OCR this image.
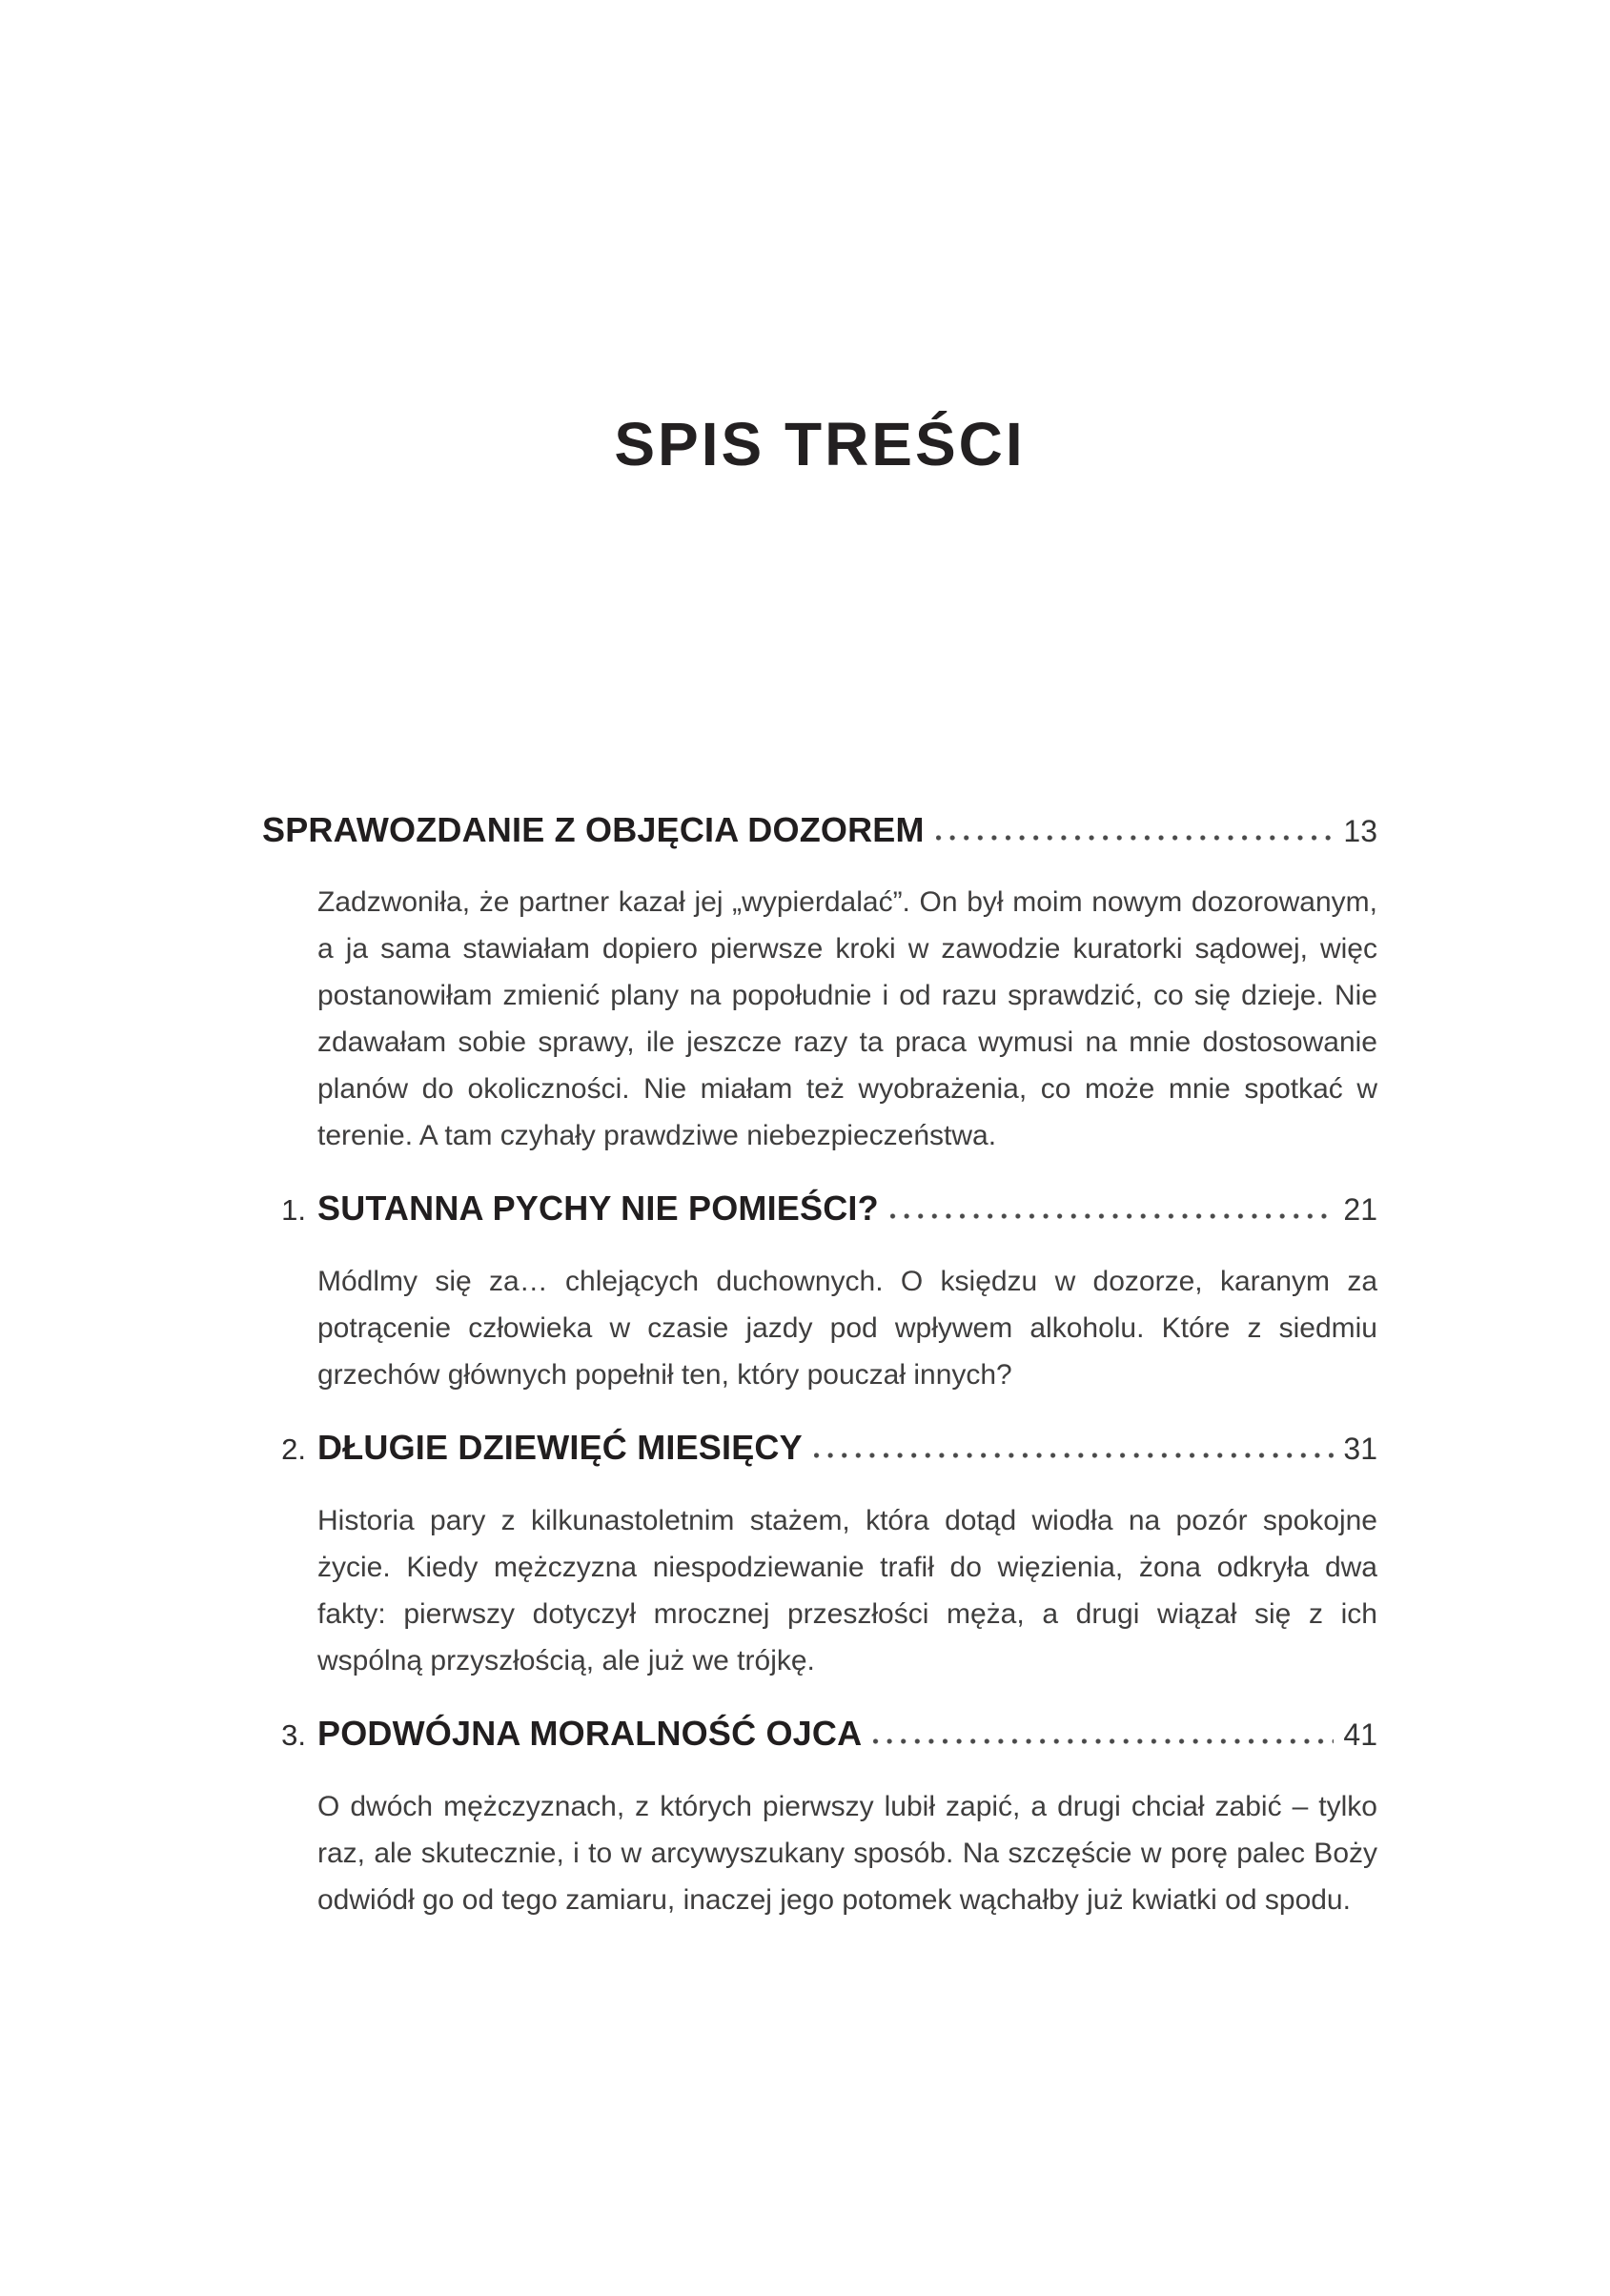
SPIS TREŚCI
SPRAWOZDANIE Z OBJĘCIA DOZOREM	13

Zadzwoniła, że partner kazał jej „wypierdalać”. On był moim nowym dozorowanym, a ja sama stawiałam dopiero pierwsze kroki w zawodzie kuratorki sądowej, więc postanowiłam zmienić plany na popołudnie i od razu sprawdzić, co się dzieje. Nie zdawałam sobie sprawy, ile jeszcze razy ta praca wymusi na mnie dostosowanie planów do okoliczności. Nie miałam też wyobrażenia, co może mnie spotkać w terenie. A tam czyhały prawdziwe niebezpieczeństwa.

1. SUTANNA PYCHY NIE POMIEŚCI?	21

Módlmy się za… chlejących duchownych. O księdzu w dozorze, karanym za potrącenie człowieka w czasie jazdy pod wpływem alkoholu. Które z siedmiu grzechów głównych popełnił ten, który pouczał innych?

2. DŁUGIE DZIEWIĘĆ MIESIĘCY	31

Historia pary z kilkunastoletnim stażem, która dotąd wiodła na pozór spokojne życie. Kiedy mężczyzna niespodziewanie trafił do więzienia, żona odkryła dwa fakty: pierwszy dotyczył mrocznej przeszłości męża, a drugi wiązał się z ich wspólną przyszłością, ale już we trójkę.

3. PODWÓJNA MORALNOŚĆ OJCA	41

O dwóch mężczyznach, z których pierwszy lubił zapić, a drugi chciał zabić – tylko raz, ale skutecznie, i to w arcywyszukany sposób. Na szczęście w porę palec Boży odwiódł go od tego zamiaru, inaczej jego potomek wąchałby już kwiatki od spodu.
